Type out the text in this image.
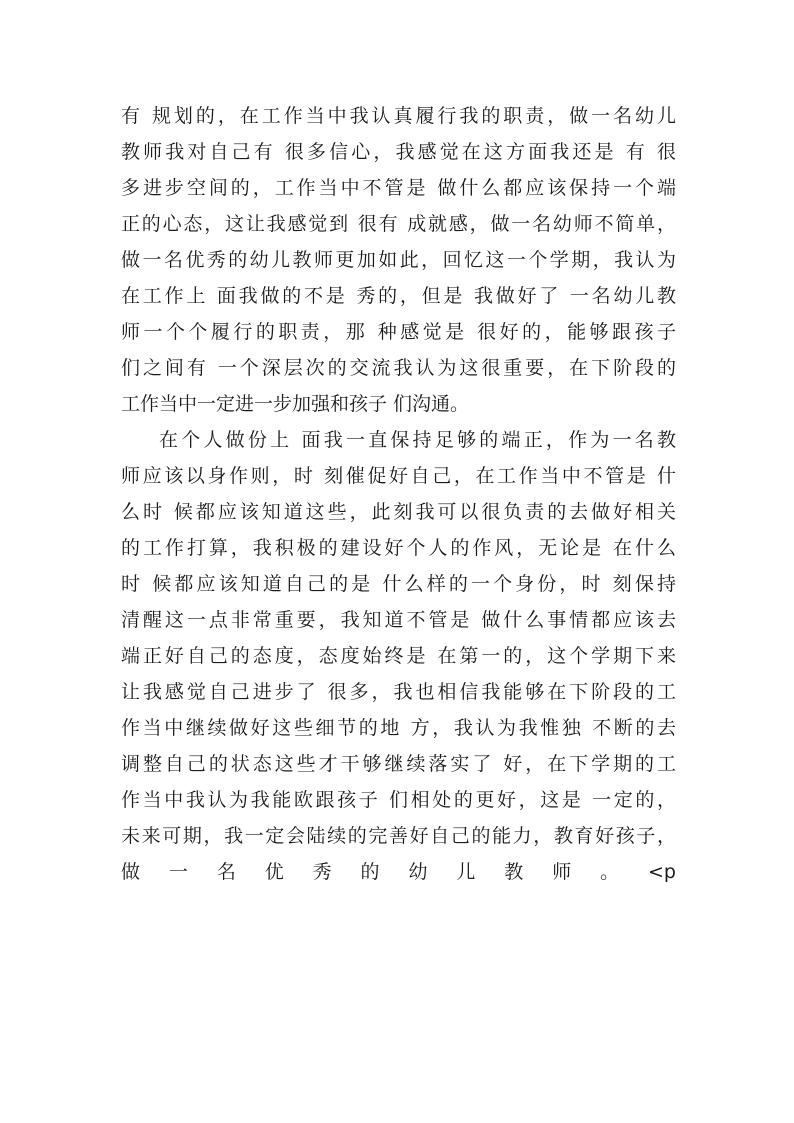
有 规划的，在工作当中我认真履行我的职责，做一名幼儿
教师我对自己有 很多信心，我感觉在这方面我还是 有 很
多进步空间的，工作当中不管是 做什么都应该保持一个端
正的心态，这让我感觉到 很有 成就感，做一名幼师不简单，
做一名优秀的幼儿教师更加如此，回忆这一个学期，我认为
在工作上 面我做的不是 秀的，但是 我做好了 一名幼儿教
师一个个履行的职责，那 种感觉是 很好的，能够跟孩子
们之间有 一个深层次的交流我认为这很重要，在下阶段的
工作当中一定进一步加强和孩子 们沟通。
在个人做份上 面我一直保持足够的端正，作为一名教
师应该以身作则，时 刻催促好自己，在工作当中不管是 什
么时 候都应该知道这些，此刻我可以很负责的去做好相关
的工作打算，我积极的建设好个人的作风，无论是 在什么
时 候都应该知道自己的是 什么样的一个身份，时 刻保持
清醒这一点非常重要，我知道不管是 做什么事情都应该去
端正好自己的态度，态度始终是 在第一的，这个学期下来
让我感觉自己进步了 很多，我也相信我能够在下阶段的工
作当中继续做好这些细节的地 方，我认为我惟独 不断的去
调整自己的状态这些才干够继续落实了 好，在下学期的工
作当中我认为我能欧跟孩子 们相处的更好，这是 一定的，
未来可期，我一定会陆续的完善好自己的能力，教育好孩子，
做 一 名 优 秀 的 幼 儿 教 师 。 <p
